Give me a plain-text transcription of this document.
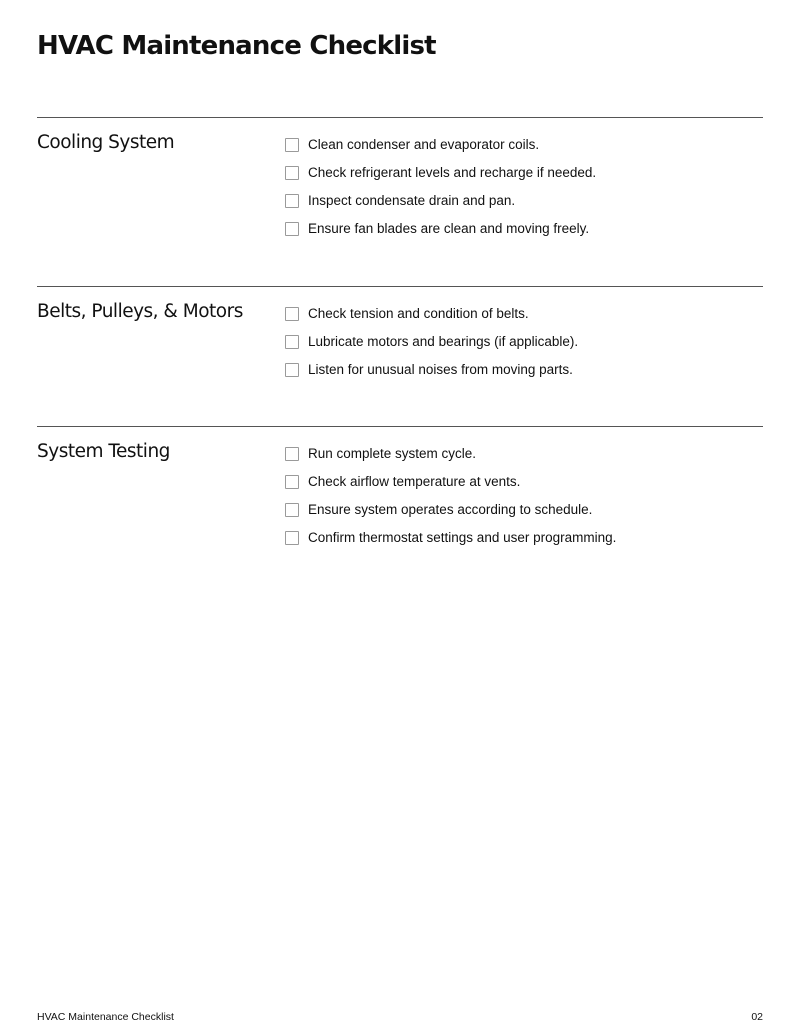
HVAC Maintenance Checklist
Cooling System	Clean condenser and evaporator coils.
Check refrigerant levels and recharge if needed.
Inspect condensate drain and pan.
Ensure fan blades are clean and moving freely.
Belts, Pulleys, & Motors	Check tension and condition of belts.
Lubricate motors and bearings (if applicable).
Listen for unusual noises from moving parts.
System Testing	Run complete system cycle.
Check airflow temperature at vents.
Ensure system operates according to schedule.
Confirm thermostat settings and user programming.
HVAC Maintenance Checklist	02
